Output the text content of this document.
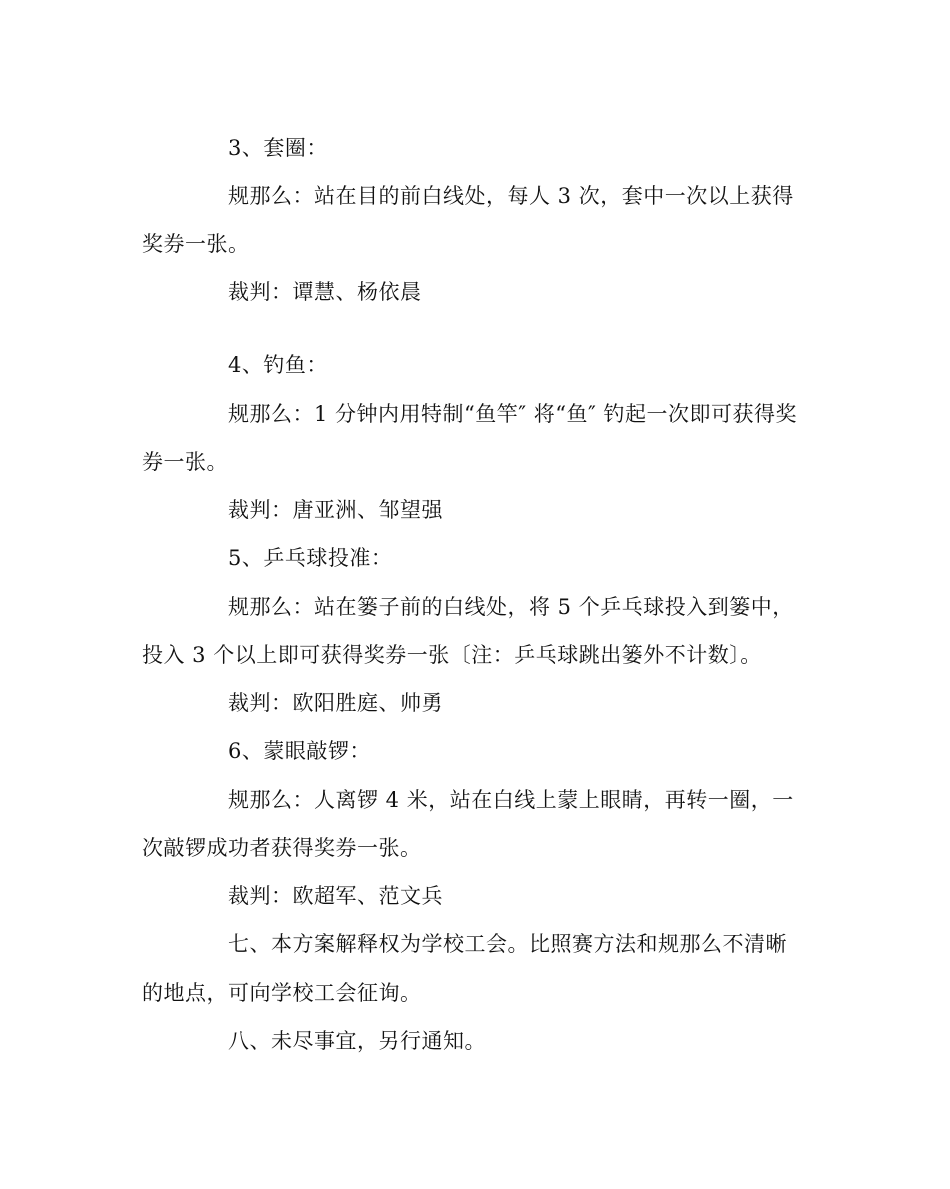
3、套圈：
规那么：站在目的前白线处，每人 3 次，套中一次以上获得
奖券一张。
裁判：谭慧、杨依晨
4、钓鱼：
规那么：1 分钟内用特制“鱼竿″ 将“鱼″ 钓起一次即可获得奖
券一张。
裁判：唐亚洲、邹望强
5、乒乓球投准：
规那么：站在篓子前的白线处，将 5 个乒乓球投入到篓中，
投入 3 个以上即可获得奖券一张〔注：乒乓球跳出篓外不计数〕。
裁判：欧阳胜庭、帅勇
6、蒙眼敲锣：
规那么：人离锣 4 米，站在白线上蒙上眼睛，再转一圈，一
次敲锣成功者获得奖券一张。
裁判：欧超军、范文兵
七、本方案解释权为学校工会。比照赛方法和规那么不清晰
的地点，可向学校工会征询。
八、未尽事宜，另行通知。
